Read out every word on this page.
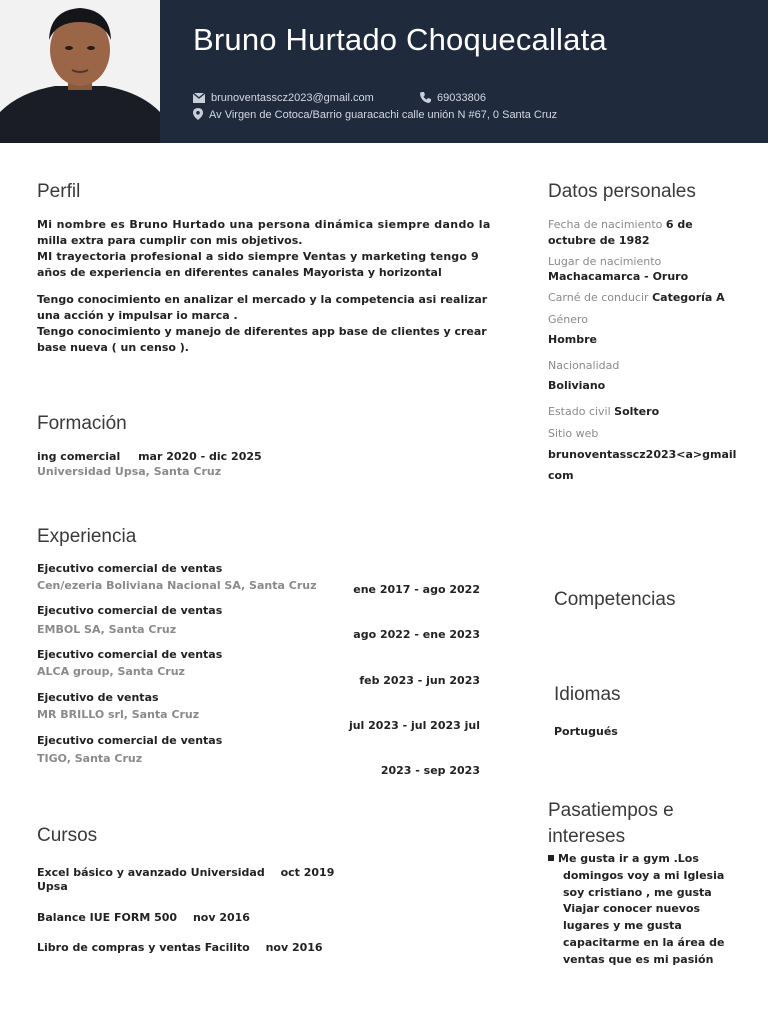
Bruno Hurtado Choquecallata
brunoventasscz2023@gmail.com	69033806
Av Virgen de Cotoca/Barrio guaracachi calle unión N #67, 0 Santa Cruz
Perfil
Mi nombre es Bruno Hurtado una persona dinámica siempre dando la
milla extra para cumplir con mis objetivos.
MI trayectoria profesional a sido siempre Ventas y marketing tengo 9
años de experiencia en diferentes canales Mayorista y horizontal
Tengo conocimiento en analizar el mercado y la competencia asi realizar
una acción y impulsar io marca .
Tengo conocimiento y manejo de diferentes app base de clientes y crear
base nueva ( un censo ).
Formación
ing comercial mar 2020 - dic 2025
Universidad Upsa, Santa Cruz
Experiencia
Ejecutivo comercial de ventas
Cen/ezeria Boliviana Nacional SA, Santa Cruz	ene 2017 - ago 2022
Ejecutivo comercial de ventas
EMBOL SA, Santa Cruz	ago 2022 - ene 2023
Ejecutivo comercial de ventas
ALCA group, Santa Cruz
feb 2023 - jun 2023
Ejecutivo de ventas
MR BRILLO srl, Santa Cruz
jul 2023 - jul 2023 jul
Ejecutivo comercial de ventas
TIGO, Santa Cruz
2023 - sep 2023
Cursos
Excel básico y avanzado Universidad oct 2019
Upsa
Balance IUE FORM 500 nov 2016
Libro de compras y ventas Facilito nov 2016
Datos personales
Fecha de nacimiento 6 de
octubre de 1982
Lugar de nacimiento
Machacamarca - Oruro
Carné de conducir Categoría A
Género
Hombre
Nacionalidad
Boliviano
Estado civil Soltero
Sitio web
brunoventasscz2023<a>gmail
com
Competencias
Idiomas
Portugués
Pasatiempos e
intereses
Me gusta ir a gym .Los
domingos voy a mi Iglesia
soy cristiano , me gusta
Viajar conocer nuevos
lugares y me gusta
capacitarme en la área de
ventas que es mi pasión
